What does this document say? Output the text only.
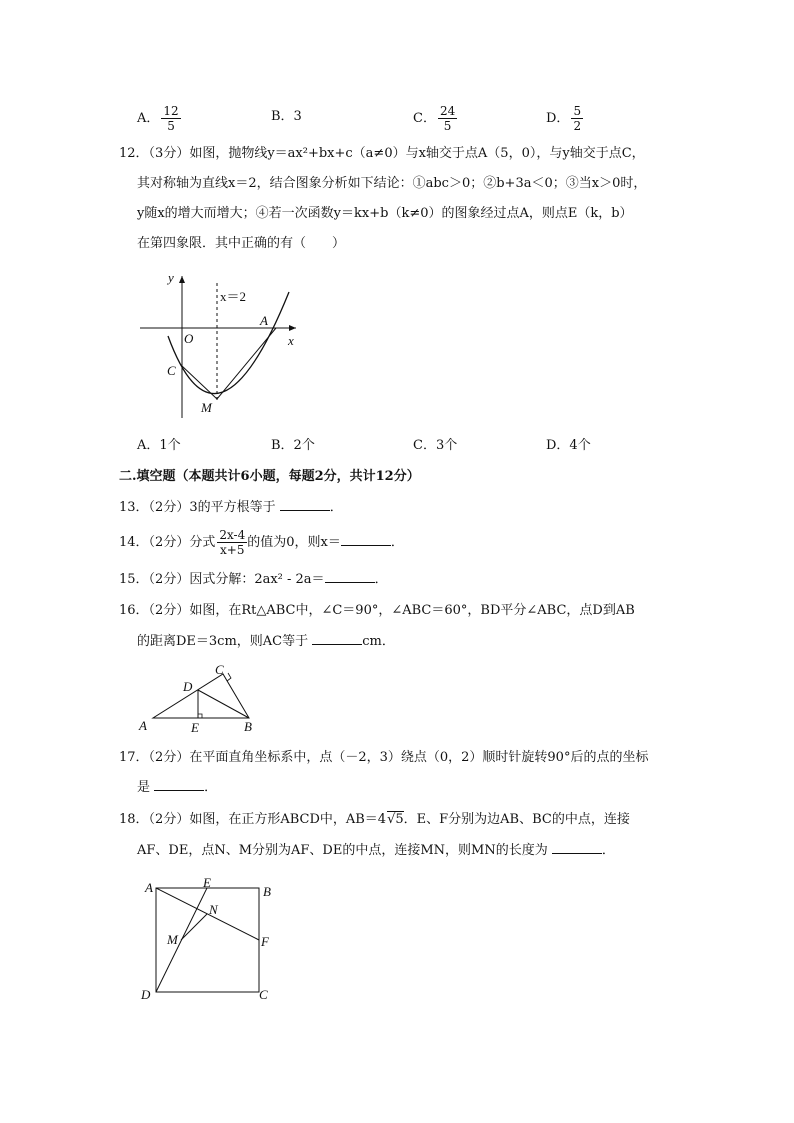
A． $\frac{12}{5}$	B．3	C． $\frac{24}{5}$	D． $\frac{5}{2}$
12．（3分）如图，抛物线y＝ax²+bx+c（a≠0）与x轴交于点A（5，0），与y轴交于点C，
其对称轴为直线x＝2，结合图象分析如下结论：①abc＞0；②b+3a＜0；③当x＞0时，
y随x的增大而增大；④若一次函数y＝kx+b（k≠0）的图象经过点A，则点E（k，b）
在第四象限．其中正确的有（　　）
y
x
O
x＝2
A
C
M
A．1个	B．2个	C．3个	D．4个
二.填空题（本题共计6小题，每题2分，共计12分）
13．（2分）3的平方根等于	．
14．（2分）分式 $\frac{2x-4}{x+5}$ 的值为0，则x＝	．
15．（2分）因式分解：2ax² - 2a＝	．
16．（2分）如图，在Rt△ABC中，∠C＝90°，∠ABC＝60°，BD平分∠ABC，点D到AB
的距离DE＝3cm，则AC等于	cm．
A	B
C
D
E
17．（2分）在平面直角坐标系中，点（－2，3）绕点（0，2）顺时针旋转90°后的点的坐标
是	．
18．（2分）如图，在正方形ABCD中，AB＝4√5．E、F分别为边AB、BC的中点，连接
AF、DE，点N、M分别为AF、DE的中点，连接MN，则MN的长度为	．
A	B
C
D
E
F
N
M
